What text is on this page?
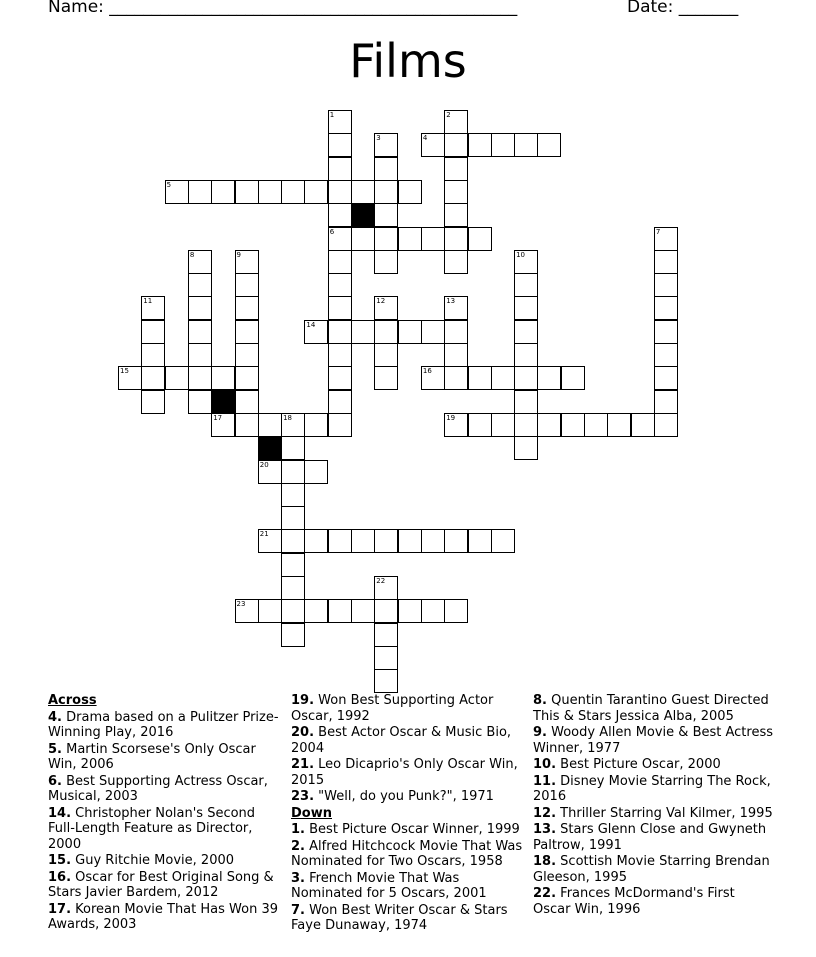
Name: ________________________________________________	Date: _______
Films
1
6
2
3	4
5
7
8	9	10
11	12	13
14
15	16
17	18	19
20
21
22
23
Across
4. Drama based on a Pulitzer Prize-Winning Play, 2016
5. Martin Scorsese's Only Oscar Win, 2006
6. Best Supporting Actress Oscar, Musical, 2003
14. Christopher Nolan's Second Full-Length Feature as Director, 2000
15. Guy Ritchie Movie, 2000
16. Oscar for Best Original Song & Stars Javier Bardem, 2012
17. Korean Movie That Has Won 39 Awards, 2003
19. Won Best Supporting Actor Oscar, 1992
20. Best Actor Oscar & Music Bio, 2004
21. Leo Dicaprio's Only Oscar Win, 2015
23. "Well, do you Punk?", 1971
Down
1. Best Picture Oscar Winner, 1999
2. Alfred Hitchcock Movie That Was Nominated for Two Oscars, 1958
3. French Movie That Was Nominated for 5 Oscars, 2001
7. Won Best Writer Oscar & Stars Faye Dunaway, 1974
8. Quentin Tarantino Guest Directed This & Stars Jessica Alba, 2005
9. Woody Allen Movie & Best Actress Winner, 1977
10. Best Picture Oscar, 2000
11. Disney Movie Starring The Rock, 2016
12. Thriller Starring Val Kilmer, 1995
13. Stars Glenn Close and Gwyneth Paltrow, 1991
18. Scottish Movie Starring Brendan Gleeson, 1995
22. Frances McDormand's First Oscar Win, 1996
